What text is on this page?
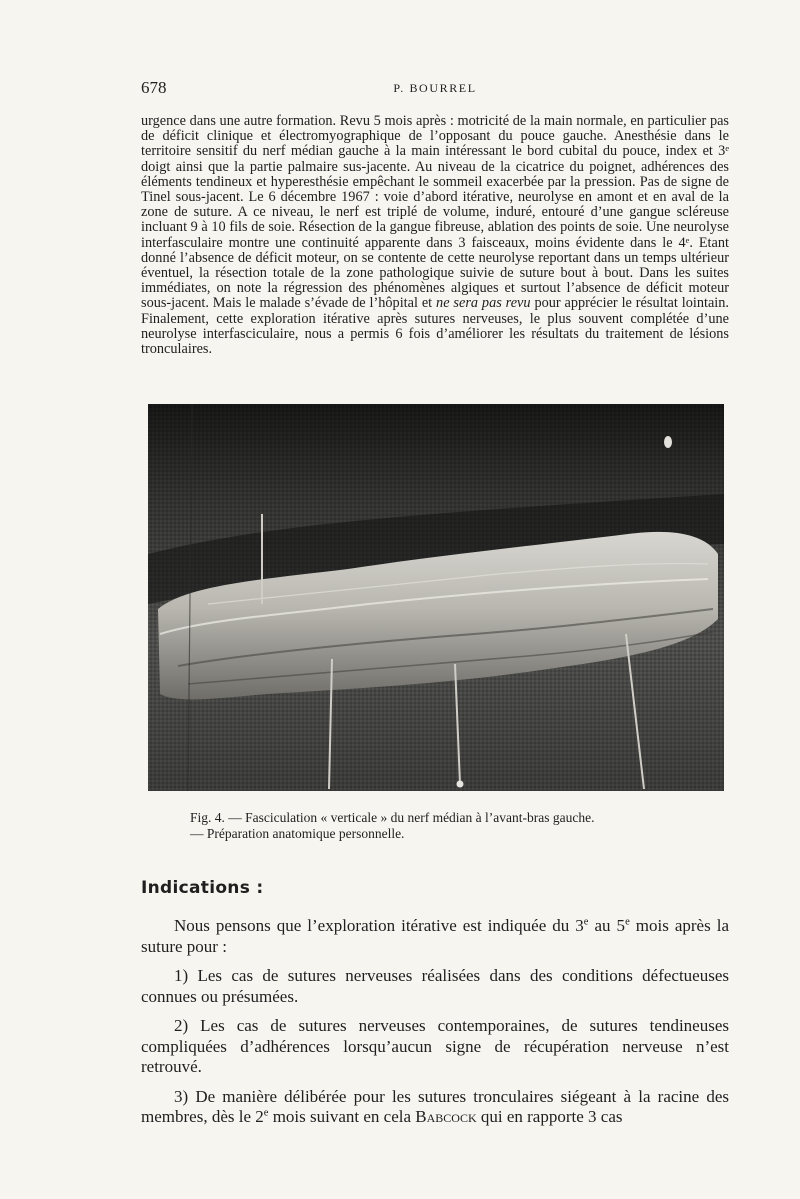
678	P. BOURREL

urgence dans une autre formation. Revu 5 mois après : motricité de la main normale, en particulier pas de déficit clinique et électromyographique de l’opposant du pouce gauche. Anesthésie dans le territoire sensitif du nerf médian gauche à la main intéressant le bord cubital du pouce, index et 3ᵉ doigt ainsi que la partie palmaire sus-jacente. Au niveau de la cicatrice du poignet, adhérences des éléments tendineux et hyperesthésie empêchant le sommeil exacerbée par la pression. Pas de signe de Tinel sous-jacent. Le 6 décembre 1967 : voie d’abord itérative, neurolyse en amont et en aval de la zone de suture. A ce niveau, le nerf est triplé de volume, induré, entouré d’une gangue scléreuse incluant 9 à 10 fils de soie. Résection de la gangue fibreuse, ablation des points de soie. Une neurolyse interfasculaire montre une continuité apparente dans 3 faisceaux, moins évidente dans le 4ᵉ. Etant donné l’absence de déficit moteur, on se contente de cette neurolyse reportant dans un temps ultérieur éventuel, la résection totale de la zone pathologique suivie de suture bout à bout. Dans les suites immédiates, on note la régression des phénomènes algiques et surtout l’absence de déficit moteur sous-jacent. Mais le malade s’évade de l’hôpital et ne sera pas revu pour apprécier le résultat lointain. Finalement, cette exploration itérative après sutures nerveuses, le plus souvent complétée d’une neurolyse interfasciculaire, nous a permis 6 fois d’améliorer les résultats du traitement de lésions tronculaires.

Fig. 4. — Fasciculation « verticale » du nerf médian à l’avant-bras gauche.
— Préparation anatomique personnelle.
Indications :

Nous pensons que l’exploration itérative est indiquée du 3e au 5e mois après la suture pour :

1) Les cas de sutures nerveuses réalisées dans des conditions défectueuses connues ou présumées.

2) Les cas de sutures nerveuses contemporaines, de sutures tendineuses compliquées d’adhérences lorsqu’aucun signe de récupération nerveuse n’est retrouvé.

3) De manière délibérée pour les sutures tronculaires siégeant à la racine des membres, dès le 2e mois suivant en cela Babcock qui en rapporte 3 cas
